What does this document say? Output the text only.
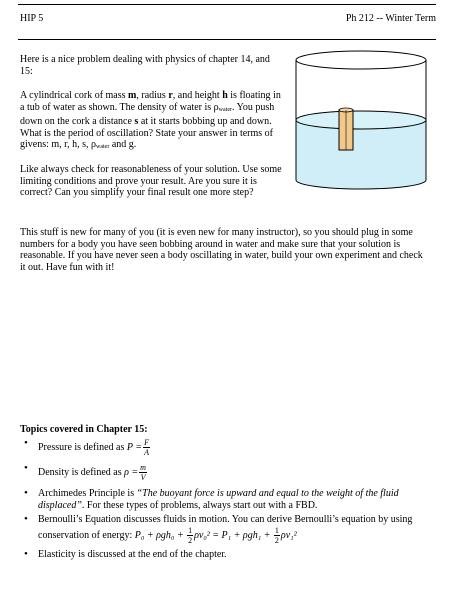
HIP 5	Ph 212 -- Winter Term
Here is a nice problem dealing with physics of chapter 14, and 15:
A cylindrical cork of mass m, radius r, and height h is floating in a tub of water as shown. The density of water is $\rho_{water}$. You push down on the cork a distance s at it starts bobbing up and down. What is the period of oscillation? State your answer in terms of givens: m, r, h, s, $\rho_{water}$ and g.
Like always check for reasonableness of your solution. Use some limiting conditions and prove your result. Are you sure it is correct? Can you simplify your final result one more step?
This stuff is new for many of you (it is even new for many instructor), so you should plug in some numbers for a body you have seen bobbing around in water and make sure that your solution is reasonable. If you have never seen a body oscillating in water, build your own experiment and check it out. Have fun with it!
Topics covered in Chapter 15:
• Pressure is defined as $P = \frac{F}{A}$
• Density is defined as $\rho = \frac{m}{V}$
• Archimedes Principle is “The buoyant force is upward and equal to the weight of the fluid displaced”. For these types of problems, always start out with a FBD.
• Bernoulli’s Equation discusses fluids in motion. You can derive Bernoulli’s equation by using conservation of energy: $P_0 + \rho gh_0 + \frac{1}{2} \rho v_0^2 = P_1 + \rho gh_1 + \frac{1}{2} \rho v_1^2$
• Elasticity is discussed at the end of the chapter.
